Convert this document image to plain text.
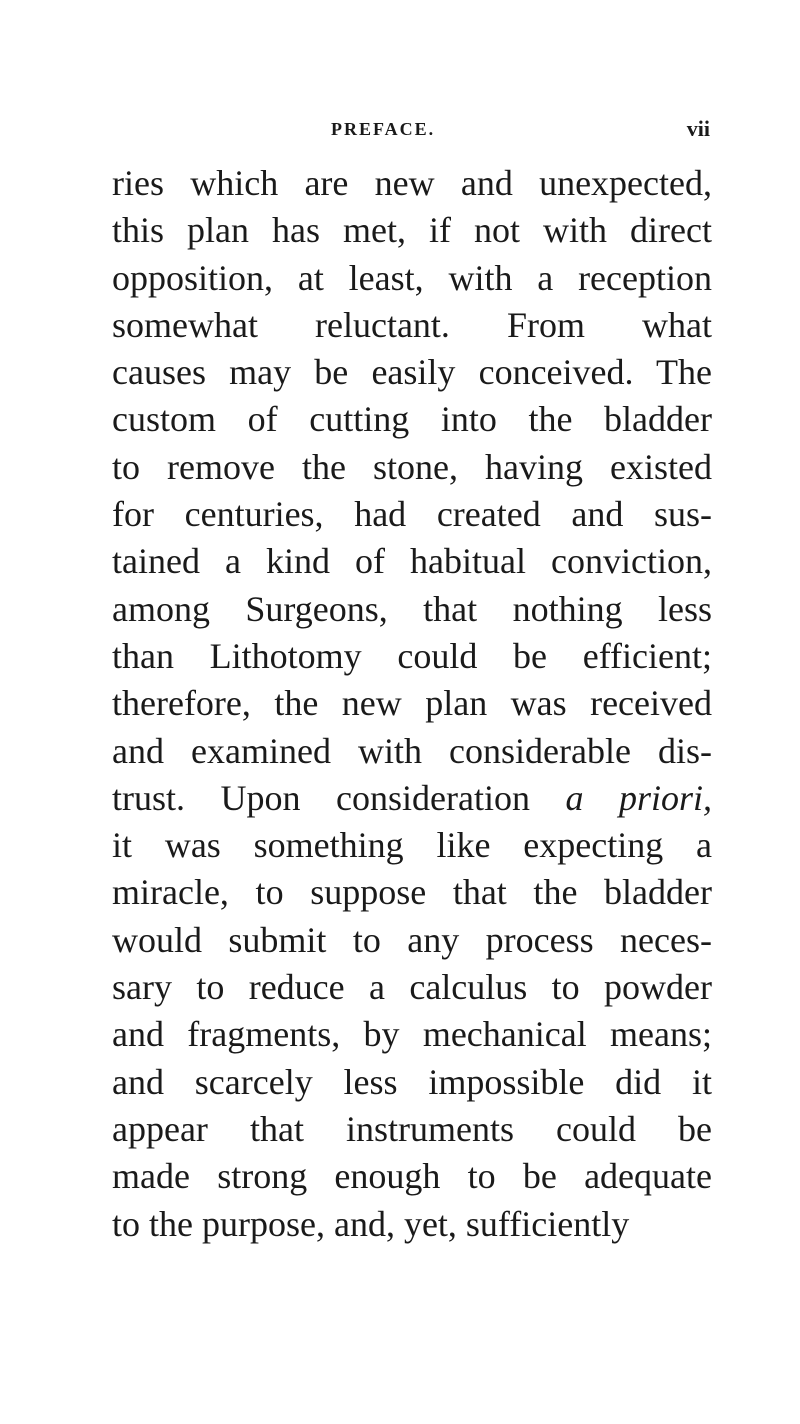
PREFACE.	vii
ries which are new and unexpected,
this plan has met, if not with direct
opposition, at least, with a reception
somewhat reluctant. From what
causes may be easily conceived. The
custom of cutting into the bladder
to remove the stone, having existed
for centuries, had created and sus-
tained a kind of habitual conviction,
among Surgeons, that nothing less
than Lithotomy could be efficient;
therefore, the new plan was received
and examined with considerable dis-
trust. Upon consideration a priori,
it was something like expecting a
miracle, to suppose that the bladder
would submit to any process neces-
sary to reduce a calculus to powder
and fragments, by mechanical means;
and scarcely less impossible did it
appear that instruments could be
made strong enough to be adequate
to the purpose, and, yet, sufficiently
